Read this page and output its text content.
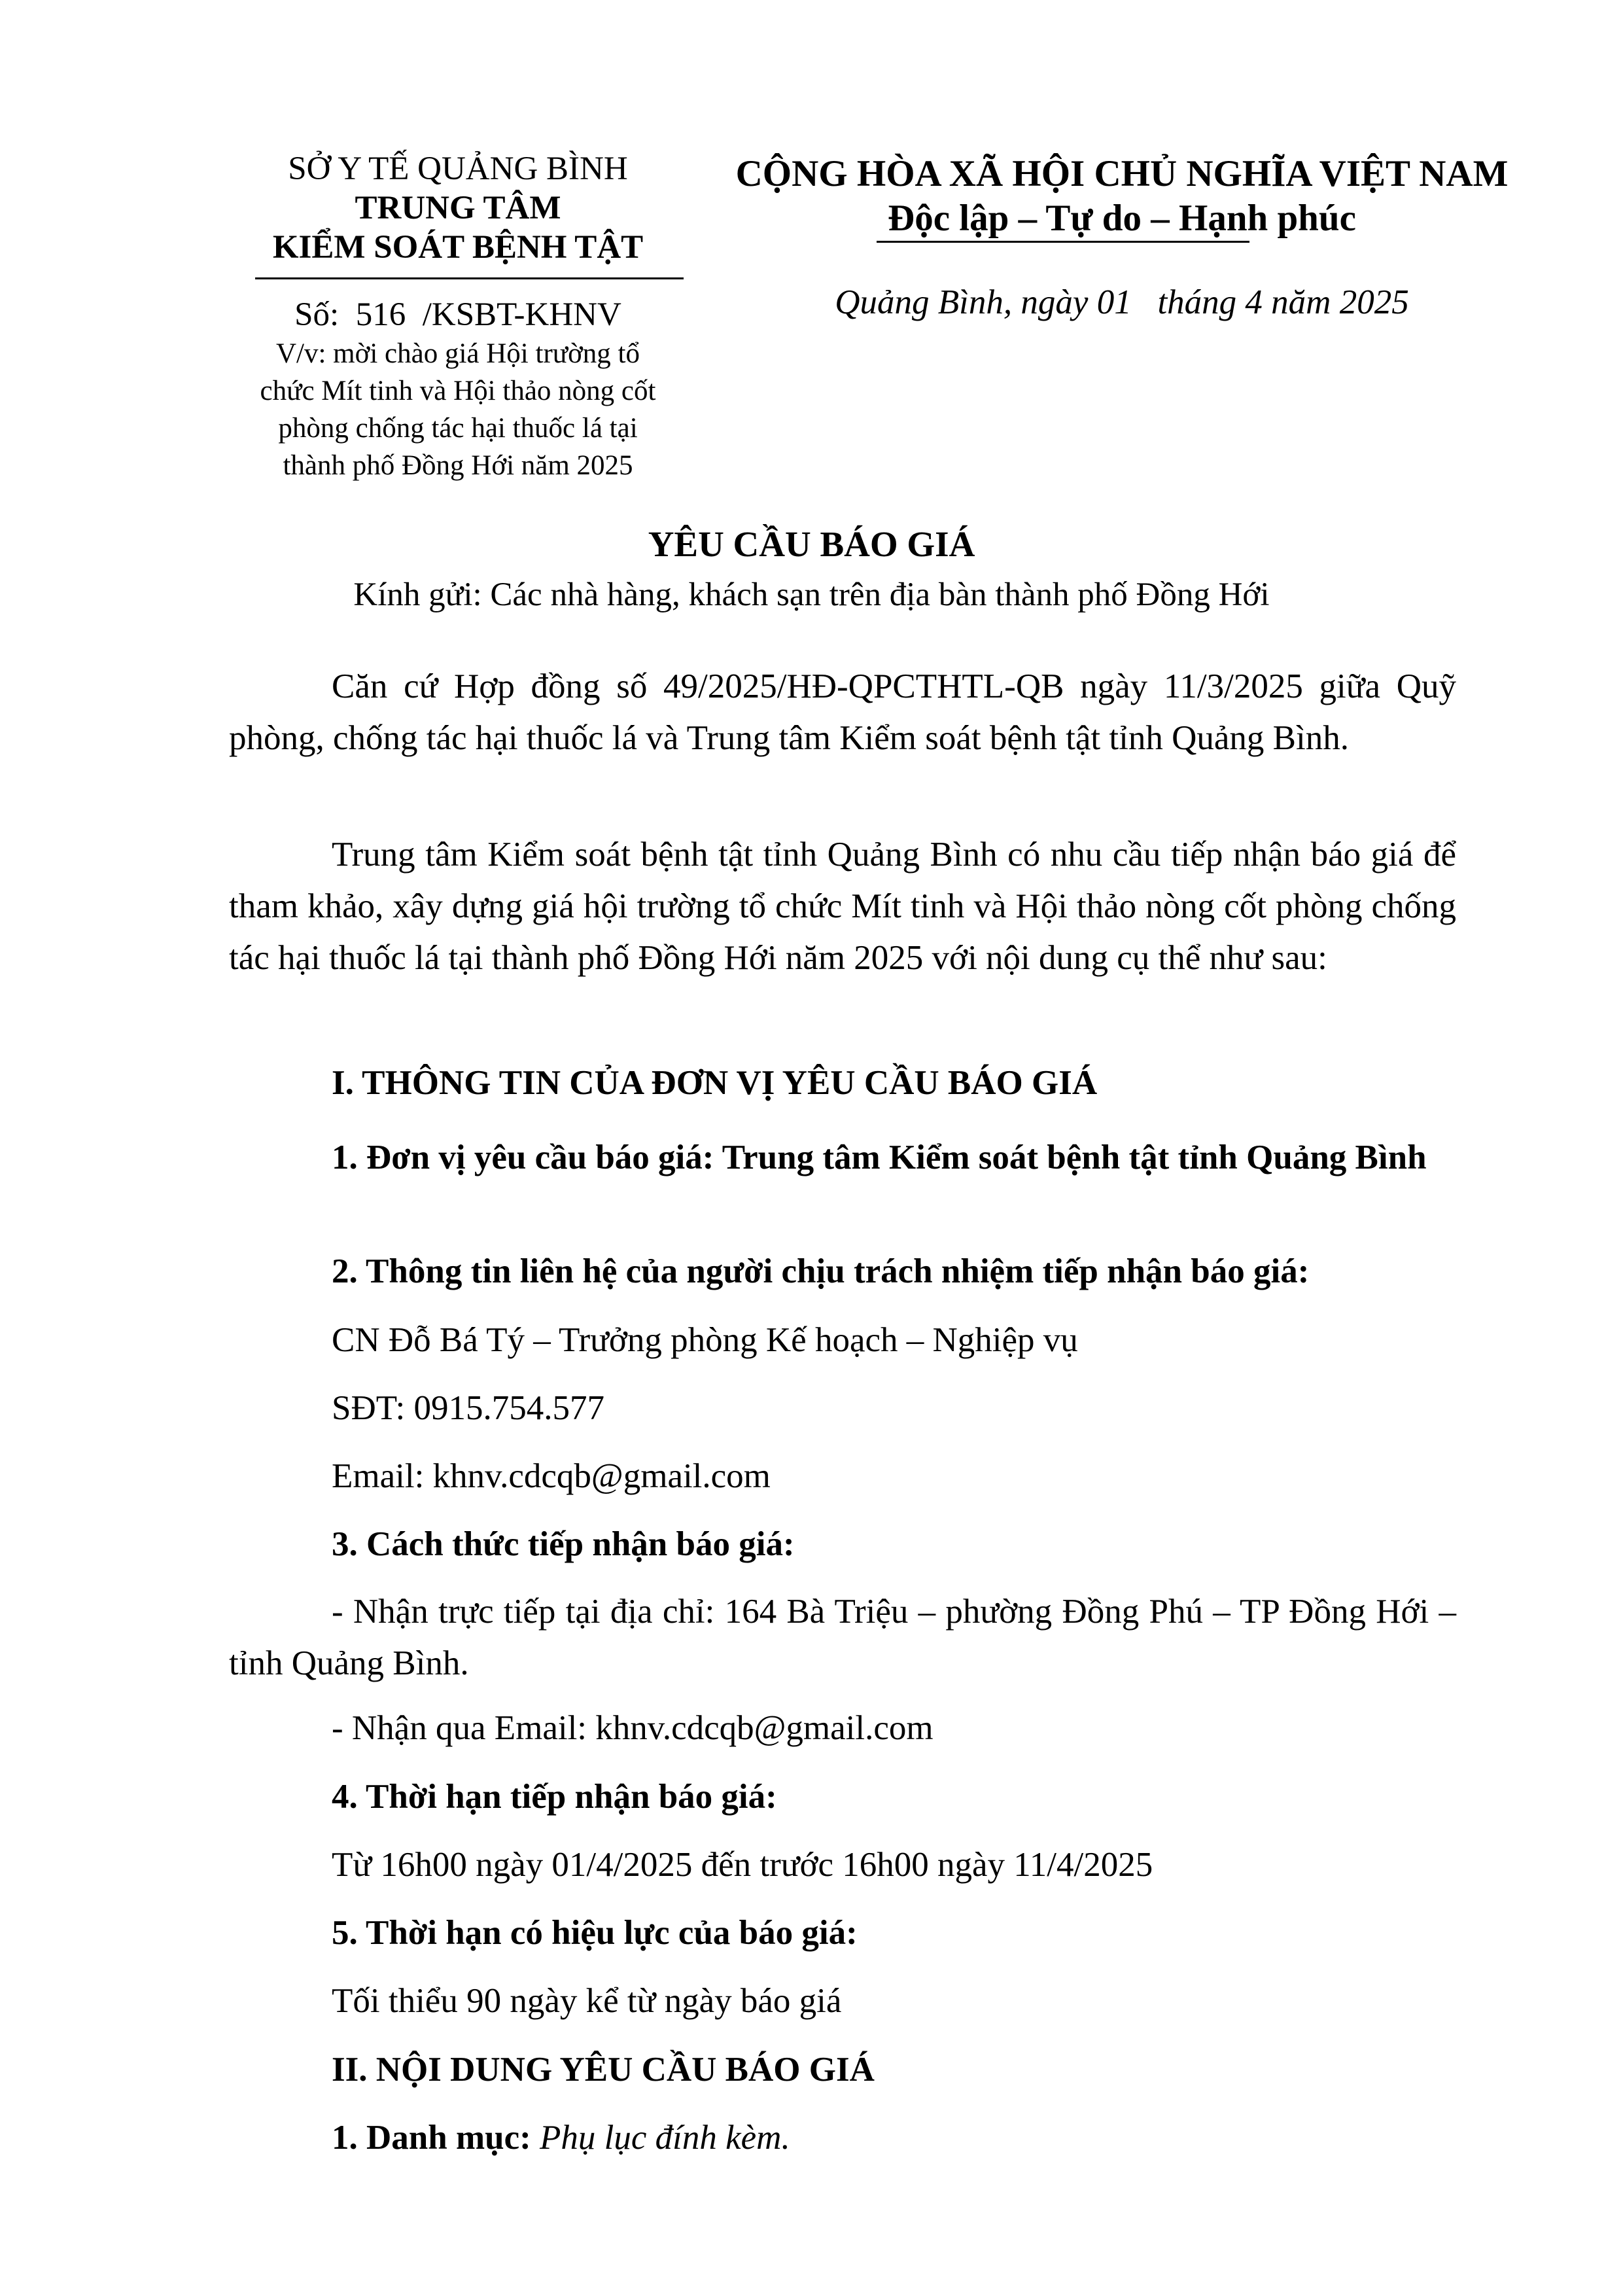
SỞ Y TẾ QUẢNG BÌNH
TRUNG TÂM
KIỂM SOÁT BỆNH TẬT
Số: 516 /KSBT-KHNV
V/v: mời chào giá Hội trường tổ
chức Mít tinh và Hội thảo nòng cốt
phòng chống tác hại thuốc lá tại
thành phố Đồng Hới năm 2025
CỘNG HÒA XÃ HỘI CHỦ NGHĨA VIỆT NAM
Độc lập – Tự do – Hạnh phúc
Quảng Bình, ngày 01 tháng 4 năm 2025
YÊU CẦU BÁO GIÁ
Kính gửi: Các nhà hàng, khách sạn trên địa bàn thành phố Đồng Hới
Căn cứ Hợp đồng số 49/2025/HĐ-QPCTHTL-QB ngày 11/3/2025 giữa Quỹ phòng, chống tác hại thuốc lá và Trung tâm Kiểm soát bệnh tật tỉnh Quảng Bình.
Trung tâm Kiểm soát bệnh tật tỉnh Quảng Bình có nhu cầu tiếp nhận báo giá để tham khảo, xây dựng giá hội trường tổ chức Mít tinh và Hội thảo nòng cốt phòng chống tác hại thuốc lá tại thành phố Đồng Hới năm 2025 với nội dung cụ thể như sau:
I. THÔNG TIN CỦA ĐƠN VỊ YÊU CẦU BÁO GIÁ
1. Đơn vị yêu cầu báo giá: Trung tâm Kiểm soát bệnh tật tỉnh Quảng Bình
2. Thông tin liên hệ của người chịu trách nhiệm tiếp nhận báo giá:
CN Đỗ Bá Tý – Trưởng phòng Kế hoạch – Nghiệp vụ
SĐT: 0915.754.577
Email: khnv.cdcqb@gmail.com
3. Cách thức tiếp nhận báo giá:
- Nhận trực tiếp tại địa chỉ: 164 Bà Triệu – phường Đồng Phú – TP Đồng Hới – tỉnh Quảng Bình.
- Nhận qua Email: khnv.cdcqb@gmail.com
4. Thời hạn tiếp nhận báo giá:
Từ 16h00 ngày 01/4/2025 đến trước 16h00 ngày 11/4/2025
5. Thời hạn có hiệu lực của báo giá:
Tối thiểu 90 ngày kể từ ngày báo giá
II. NỘI DUNG YÊU CẦU BÁO GIÁ
1. Danh mục: Phụ lục đính kèm.
